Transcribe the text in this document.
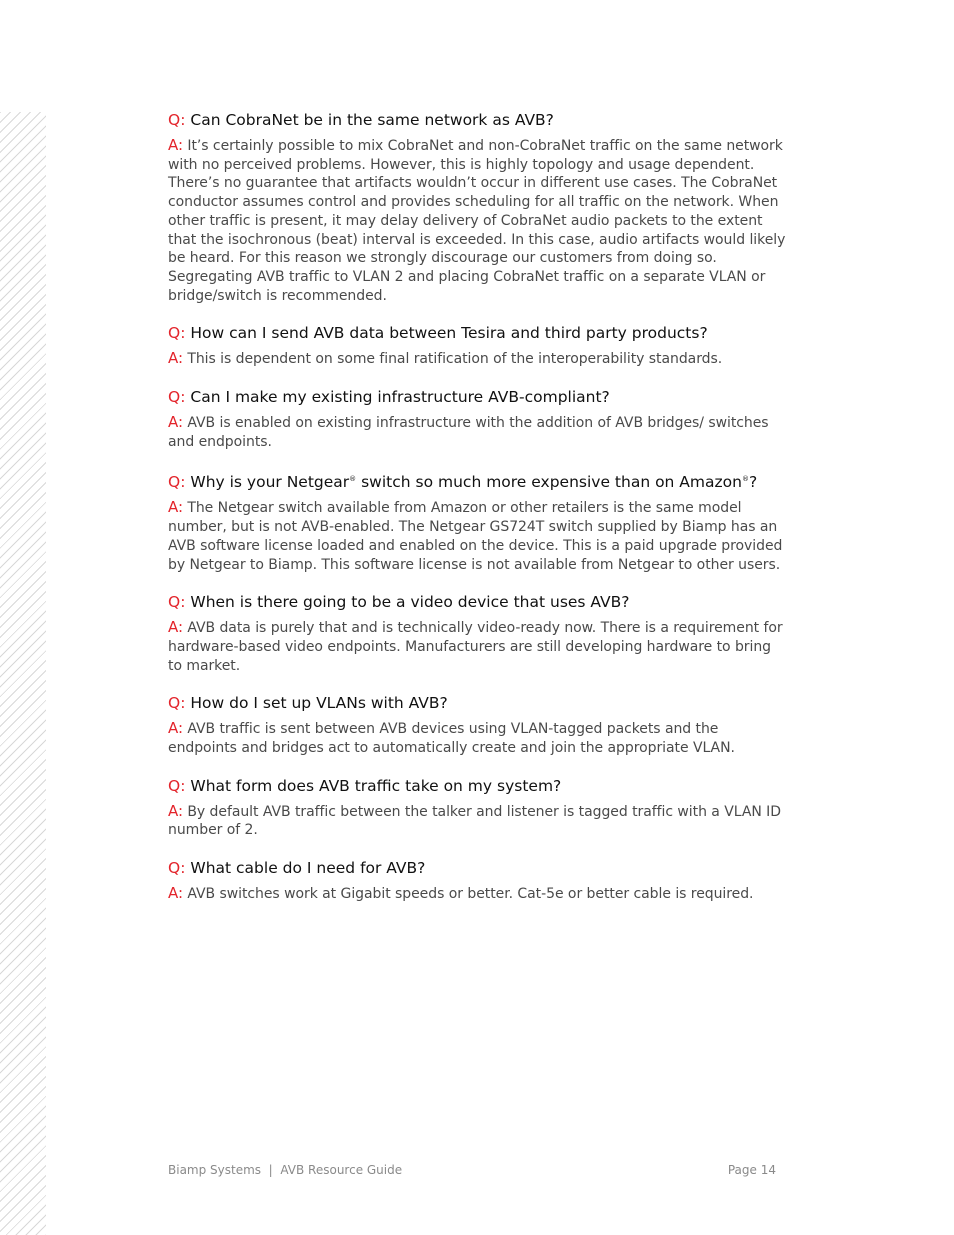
Q: Can CobraNet be in the same network as AVB?

A: It’s certainly possible to mix CobraNet and non-CobraNet traffic on the same network with no perceived problems. However, this is highly topology and usage dependent. There’s no guarantee that artifacts wouldn’t occur in different use cases. The CobraNet conductor assumes control and provides scheduling for all traffic on the network. When other traffic is present, it may delay delivery of CobraNet audio packets to the extent that the isochronous (beat) interval is exceeded. In this case, audio artifacts would likely be heard. For this reason we strongly discourage our customers from doing so. Segregating AVB traffic to VLAN 2 and placing CobraNet traffic on a separate VLAN or bridge/switch is recommended.

Q: How can I send AVB data between Tesira and third party products?

A: This is dependent on some final ratification of the interoperability standards.

Q: Can I make my existing infrastructure AVB-compliant?

A: AVB is enabled on existing infrastructure with the addition of AVB bridges/ switches and endpoints.

Q: Why is your Netgear® switch so much more expensive than on Amazon®?

A: The Netgear switch available from Amazon or other retailers is the same model number, but is not AVB-enabled. The Netgear GS724T switch supplied by Biamp has an AVB software license loaded and enabled on the device. This is a paid upgrade provided by Netgear to Biamp. This software license is not available from Netgear to other users.

Q: When is there going to be a video device that uses AVB?

A: AVB data is purely that and is technically video-ready now. There is a requirement for hardware-based video endpoints. Manufacturers are still developing hardware to bring to market.

Q: How do I set up VLANs with AVB?

A: AVB traffic is sent between AVB devices using VLAN-tagged packets and the endpoints and bridges act to automatically create and join the appropriate VLAN.

Q: What form does AVB traffic take on my system?

A: By default AVB traffic between the talker and listener is tagged traffic with a VLAN ID number of 2.

Q: What cable do I need for AVB?

A: AVB switches work at Gigabit speeds or better. Cat-5e or better cable is required.

Biamp Systems  |  AVB Resource Guide	Page 14
